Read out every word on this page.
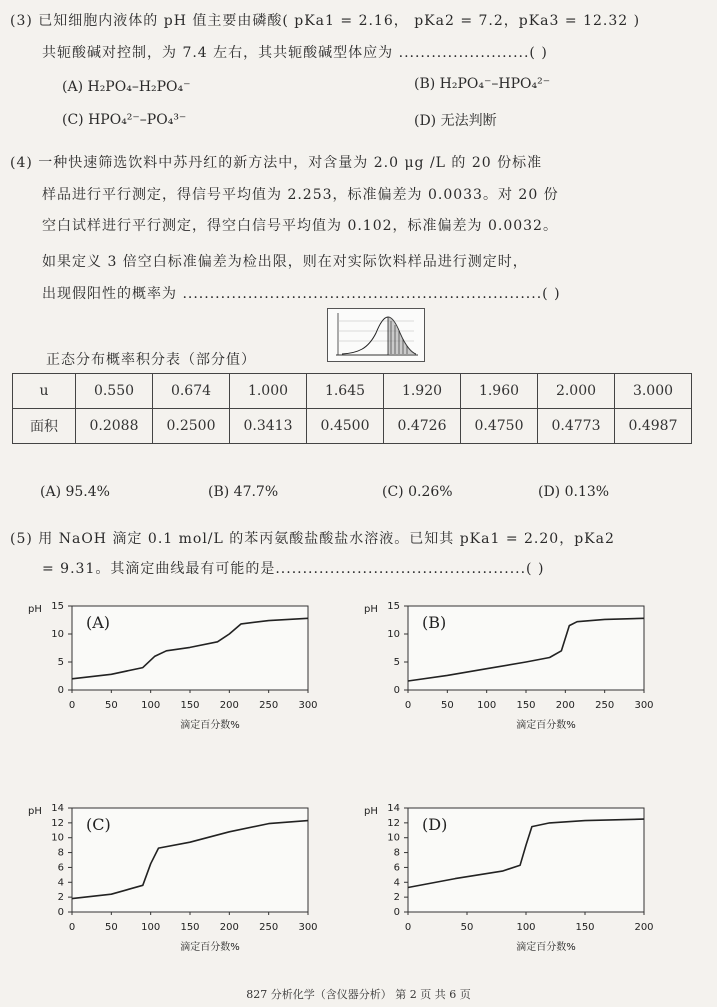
(3) 已知细胞内液体的 pH 值主要由磷酸( pKa1 = 2.16， pKa2 = 7.2，pKa3 = 12.32 )
共轭酸碱对控制，为 7.4 左右，其共轭酸碱型体应为 ........................( )
(A) H₂PO₄–H₂PO₄⁻	(B) H₂PO₄⁻–HPO₄²⁻
(C) HPO₄²⁻–PO₄³⁻	(D) 无法判断
(4) 一种快速筛选饮料中苏丹红的新方法中，对含量为 2.0 μg /L 的 20 份标准
样品进行平行测定，得信号平均值为 2.253，标准偏差为 0.0033。对 20 份
空白试样进行平行测定，得空白信号平均值为 0.102，标准偏差为 0.0032。
如果定义 3 倍空白标准偏差为检出限，则在对实际饮料样品进行测定时，
出现假阳性的概率为 ..................................................................( )
正态分布概率积分表（部分值）
u	0.550	0.674	1.000	1.645	1.920	1.960	2.000	3.000
面积	0.2088	0.2500	0.3413	0.4500	0.4726	0.4750	0.4773	0.4987
(A) 95.4%	(B) 47.7%	(C) 0.26%	(D) 0.13%
(5) 用 NaOH 滴定 0.1 mol/L 的苯丙氨酸盐酸盐水溶液。已知其 pKa1 = 2.20，pKa2
= 9.31。其滴定曲线最有可能的是..............................................( )
15
10
5
0
pH
0	50 100 150 200 250 300
滴定百分数%
(A)
15
10
5
0
pH
0	50 100 150 200 250 300
滴定百分数%
(B)
14
12
10
8
6
4
2
0
pH
0	50 100 150 200 250 300
滴定百分数%
(C)
14
12
10
8
6
4
2
0
pH
0	50	100	150	200
滴定百分数%
(D)
827 分析化学（含仪器分析） 第 2 页 共 6 页
